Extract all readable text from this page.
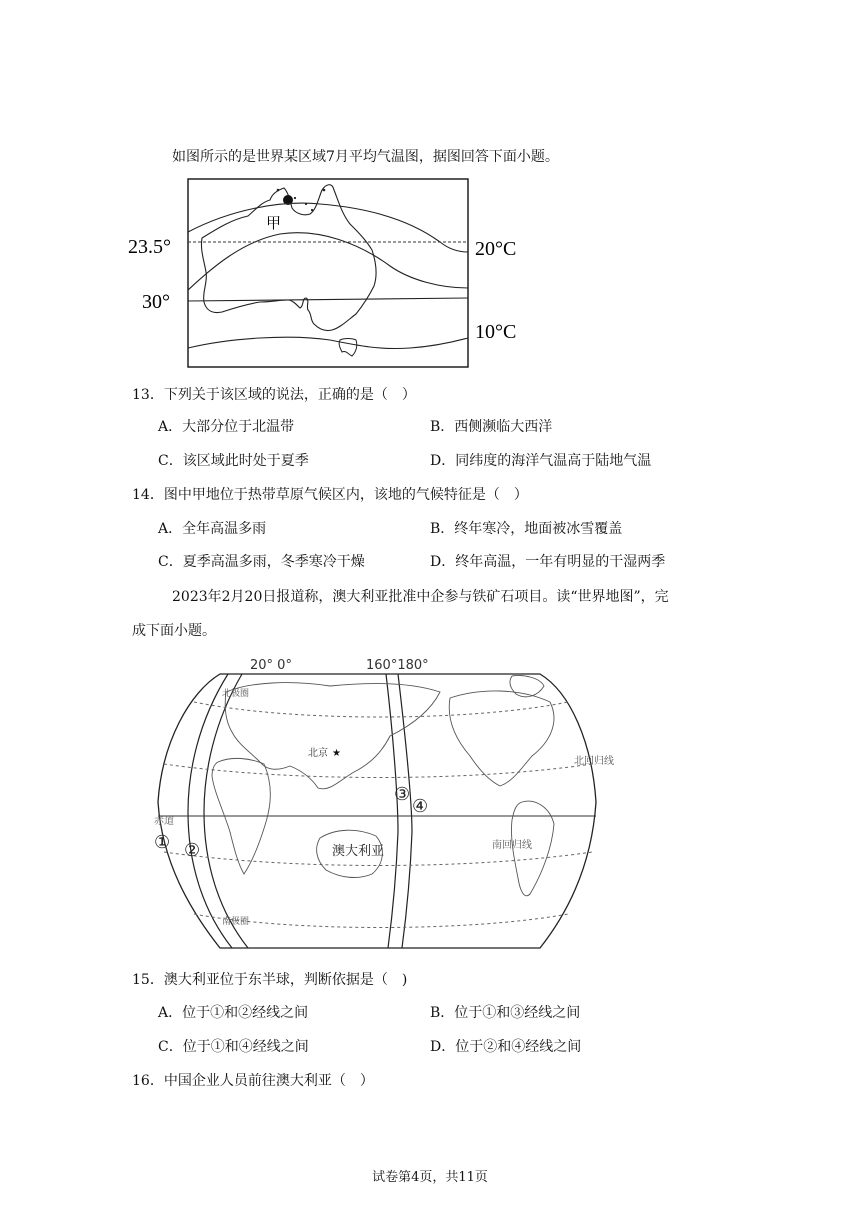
如图所示的是世界某区域7月平均气温图，据图回答下面小题。
甲
23.5°
30°
20°C
10°C
13．下列关于该区域的说法，正确的是（　）
A．大部分位于北温带	B．西侧濒临大西洋
C．该区域此时处于夏季	D．同纬度的海洋气温高于陆地气温
14．图中甲地位于热带草原气候区内，该地的气候特征是（　）
A．全年高温多雨	B．终年寒冷，地面被冰雪覆盖
C．夏季高温多雨，冬季寒冷干燥	D．终年高温，一年有明显的干湿两季
2023年2月20日报道称，澳大利亚批准中企参与铁矿石项目。读“世界地图”，完
成下面小题。
20° 0°	160°180°
北极圈
南极圈
北京 ★
北回归线
南回归线
赤道
澳大利亚
① ②
③
④
15．澳大利亚位于东半球，判断依据是（　)
A．位于①和②经线之间	B．位于①和③经线之间
C．位于①和④经线之间	D．位于②和④经线之间
16．中国企业人员前往澳大利亚（　）
试卷第4页，共11页
